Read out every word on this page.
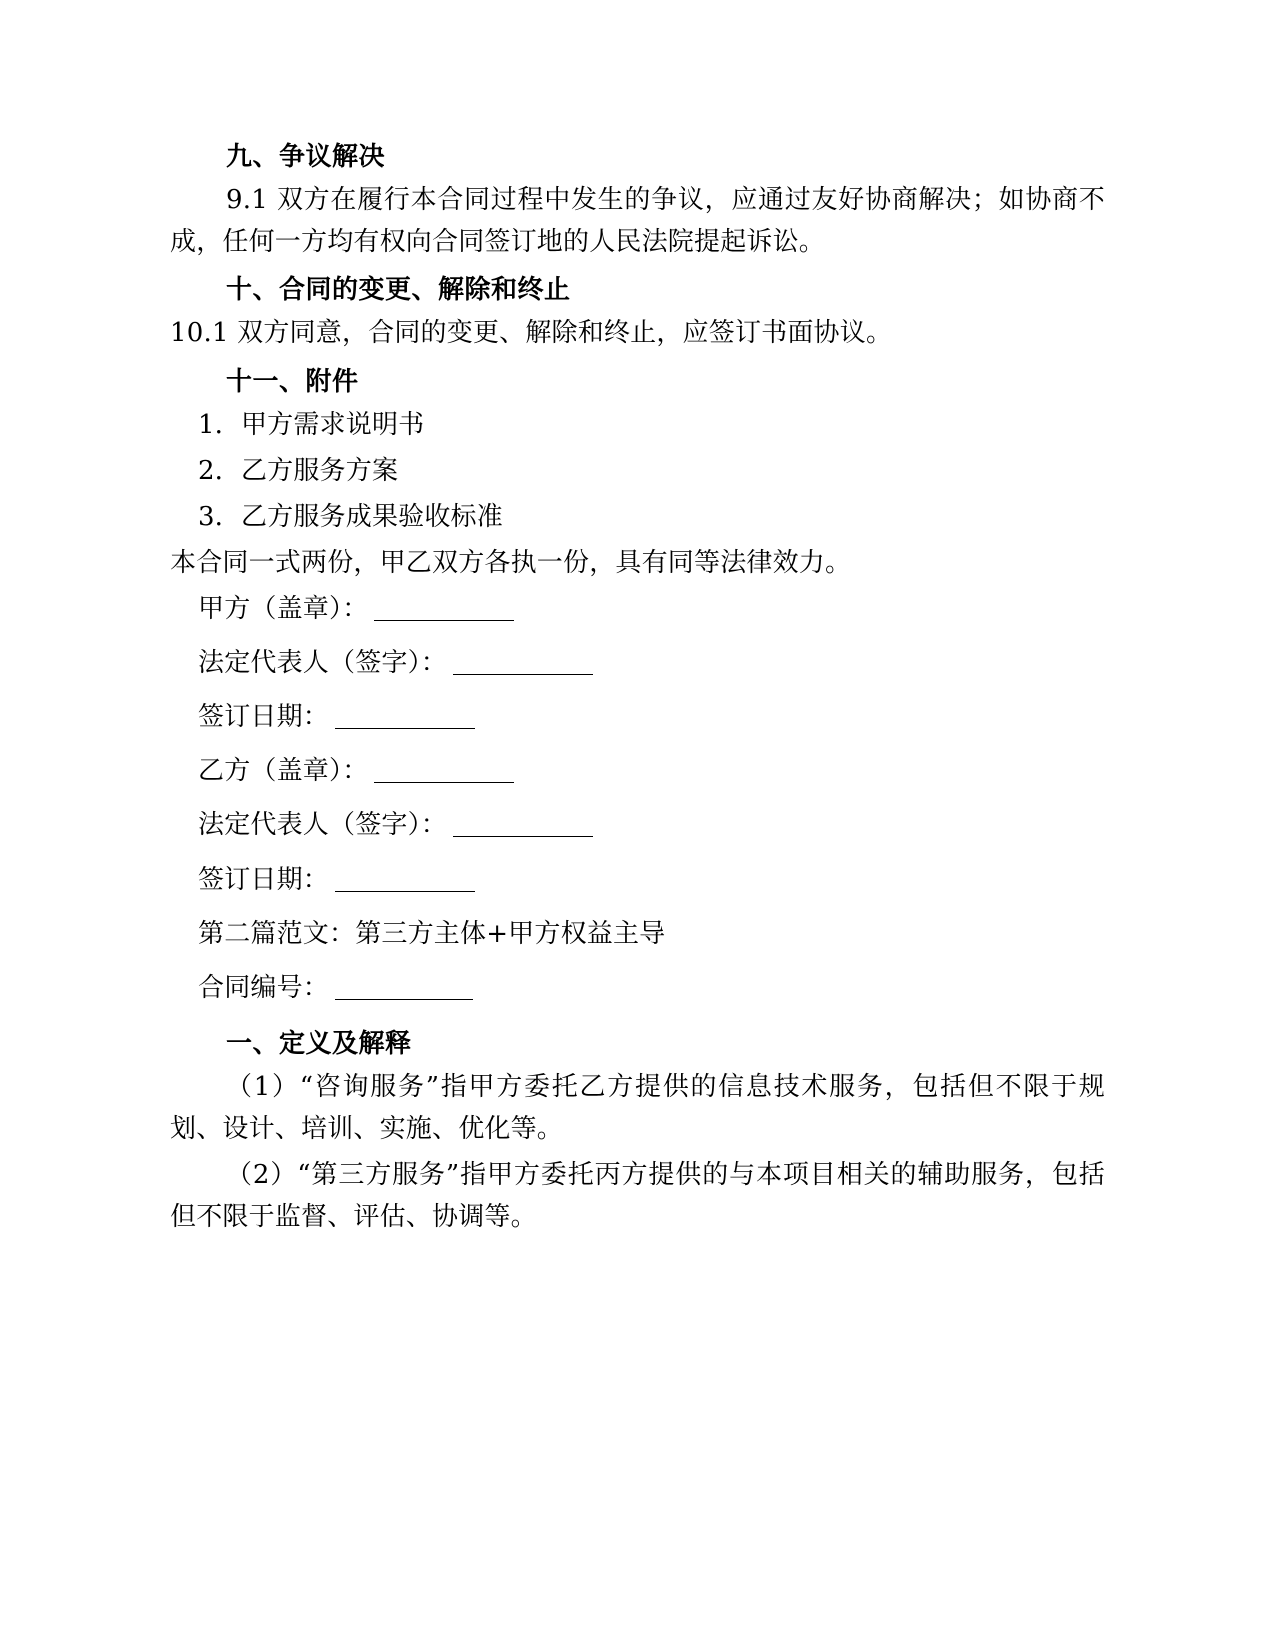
九、争议解决

9.1 双方在履行本合同过程中发生的争议，应通过友好协商解决；如协商不成，任何一方均有权向合同签订地的人民法院提起诉讼。

十、合同的变更、解除和终止

10.1 双方同意，合同的变更、解除和终止，应签订书面协议。

十一、附件

1．甲方需求说明书

2．乙方服务方案

3．乙方服务成果验收标准

本合同一式两份，甲乙双方各执一份，具有同等法律效力。

甲方（盖章）：

法定代表人（签字）：

签订日期：

乙方（盖章）：

法定代表人（签字）：

签订日期：

第二篇范文：第三方主体+甲方权益主导

合同编号：

一、定义及解释

（1）“咨询服务”指甲方委托乙方提供的信息技术服务，包括但不限于规划、设计、培训、实施、优化等。

（2）“第三方服务”指甲方委托丙方提供的与本项目相关的辅助服务，包括但不限于监督、评估、协调等。
